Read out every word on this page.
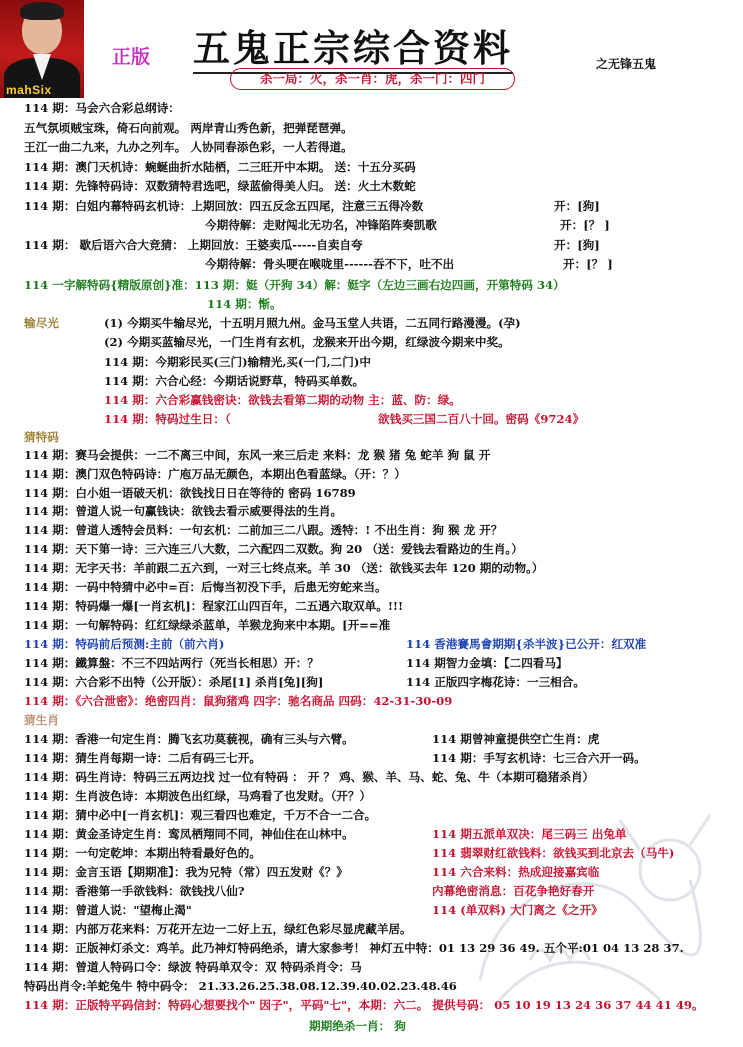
mahSix
正版 五鬼正宗综合资料
杀一局：火，杀一肖：虎，杀一门：四门
之无锋五鬼
114 期：马会六合彩总纲诗：
五气氛顷贼宝珠，倚石向前观。 两岸青山秀色新，把弹琵琶弹。
王江一曲二九来，九办之列车。 人协同春添色彩，一人若得道。
114 期：澳门天机诗：蜿蜒曲折水陆栖，二三旺开中本期。 送：十五分买码
114 期：先锋特码诗：双数猜特君选吧，绿蓝偷得美人归。 送：火土木数蛇
114 期：白姐内幕特码玄机诗：上期回放：四五反念五四尾，注意三五得冷数	开：[狗]
今期待解：走财闯北无功名，冲锋陷阵奏凯歌	开：[？ ]
114 期： 歇后语六合大竞猜： 上期回放：王婆卖瓜-----自卖自夸	开：[狗]
今期待解：骨头哽在喉咙里------吞不下，吐不出	开：[？ ]
114 一字解特码{精版原创}准：113 期：娗（开狗 34）解：娗字（左边三画右边四画，开第特码 34）
114 期：惭。
输尽光	(1) 今期买牛输尽光，十五明月照九州。金马玉堂人共语，二五同行路漫漫。(孕)
(2) 今期买蓝输尽光，一门生肖有玄机，龙猴来开出今期，红绿波今期来中奖。
114 期：今期彩民买(三门)输精光,买(一门,二门)中
114 期：六合心经：今期话说野草，特码买单数。
114 期：六合彩赢钱密诀：欲钱去看第二期的动物 主：蓝、防：绿。
114 期：特码过生日：（	欲钱买三国二百八十回。密码《9724》
猜特码
114 期：赛马会提供：一二不离三中间，东风一来三后走 来料：龙 猴 猪 兔 蛇羊 狗 鼠 开
114 期：澳门双色特码诗：广庖万品无颜色，本期出色看蓝绿。（开：？）
114 期：白小姐一语破天机：欲钱找日日在等待的 密码 16789
114 期：曾道人说一句赢钱诀：欲钱去看示威要得法的生肖。
114 期：曾道人透特会员料：一句玄机：二前加三二八跟。透特：! 不出生肖：狗 猴 龙 开？
114 期：天下第一诗：三六连三八大数，二六配四二双数。狗 20 （送：爱钱去看路边的生肖。）
114 期：无字天书：羊前跟二五六到，一对三七终点来。羊 30 （送：欲钱买去年 120 期的动物。）
114 期：一码中特猜中必中=百：后悔当初没下手，后患无穷蛇来当。
114 期：特码爆一爆[一肖玄机]：程家江山四百年，二五遇六取双单。!!!
114 期：一句解特码：红红绿绿杀蓝单，羊猴龙狗来中本期。[开==准
114 期：特码前后预测:主前（前六肖)	114 香港賽馬會期期{杀半波}已公开：红双准
114 期：鐵算盤：不三不四站两行（死当长相思）开：？	114 期智力金填：【二四看马】
114 期：六合彩不出特（公开版）：杀尾[1] 杀肖[兔][狗]	114 正版四字梅花诗：一三相合。
114 期：《六合泄密》：绝密四肖：鼠狗猪鸡 四字：驰名商品 四码：42-31-30-09
猜生肖
114 期：香港一句定生肖：腾飞玄功莫藐视，确有三头与六臂。	114 期曾神童提供空亡生肖：虎
114 期：猜生肖每期一诗：二后有码三七开。	114 期：手写玄机诗：七三合六开一码。
114 期：码生肖诗：特码三五两边找 过一位有特码 ： 开 ？ 鸡、猴、羊、马、蛇、兔、牛（本期可稳猪杀肖）
114 期：生肖波色诗：本期波色出红绿，马鸡看了也发财。（开？）
114 期：猜中必中[一肖玄机]：观三看四也难定，千万不合一二合。
114 期：黄金圣诗定生肖：鸾凤栖翔同不同，神仙住在山林中。	114 期五派单双决：尾三码三 出兔单
114 期：一句定乾坤：本期出特看最好色的。	114 翡翠财红欲钱料：欲钱买到北京去（马牛)
114 期：金言玉语【期期准】：我为兄特（常）四五发财《？》	114 六合来料：热成迎接嘉宾临
114 期：香港第一手欲钱料：欲钱找八仙?	内幕绝密消息：百花争艳好春开
114 期：曾道人说："望梅止渴"	114 (单双料) 大门离之《之开》
114 期：内部万花来料：万花开左边一二好上五，绿红色彩尽显虎藏羊居。
114 期：正版神灯杀文：鸡羊。此乃神灯特码绝杀，请大家参考！ 神灯五中特：01 13 29 36 49. 五个平:01 04 13 28 37.
114 期：曾道人特码口令：绿波 特码单双令：双 特码杀肖令：马
特码出肖令:羊蛇兔牛 特中码令： 21.33.26.25.38.08.12.39.40.02.23.48.46
114 期：正版特平码信封：特码心想要找个" 因子"，平码"七"，本期：六二。 提供号码： 05 10 19 13 24 36 37 44 41 49。
期期绝杀一肖： 狗
